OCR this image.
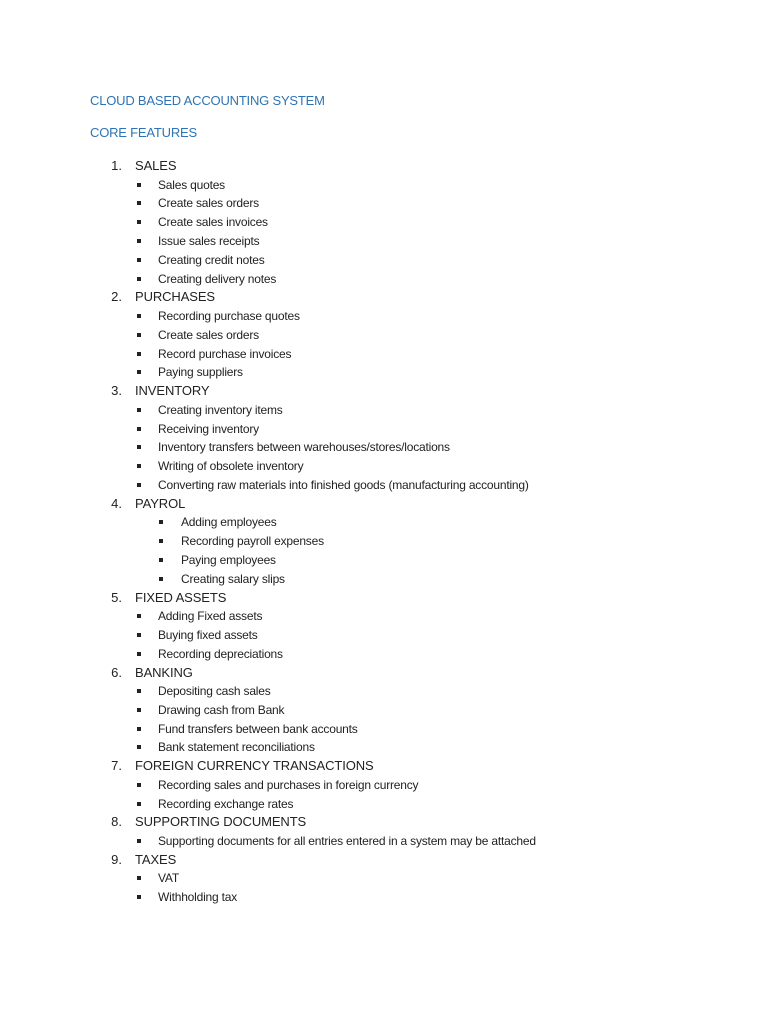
CLOUD BASED ACCOUNTING SYSTEM
CORE FEATURES
1. SALES
Sales quotes
Create sales orders
Create sales invoices
Issue sales receipts
Creating credit notes
Creating delivery notes
2. PURCHASES
Recording purchase quotes
Create sales orders
Record purchase invoices
Paying suppliers
3. INVENTORY
Creating inventory items
Receiving inventory
Inventory transfers between warehouses/stores/locations
Writing of obsolete inventory
Converting raw materials into finished goods (manufacturing accounting)
4. PAYROL
Adding employees
Recording payroll expenses
Paying employees
Creating salary slips
5. FIXED ASSETS
Adding Fixed assets
Buying fixed assets
Recording depreciations
6. BANKING
Depositing cash sales
Drawing cash from Bank
Fund transfers between bank accounts
Bank statement reconciliations
7. FOREIGN CURRENCY TRANSACTIONS
Recording sales and purchases in foreign currency
Recording exchange rates
8. SUPPORTING DOCUMENTS
Supporting documents for all entries entered in a system may be attached
9. TAXES
VAT
Withholding tax
